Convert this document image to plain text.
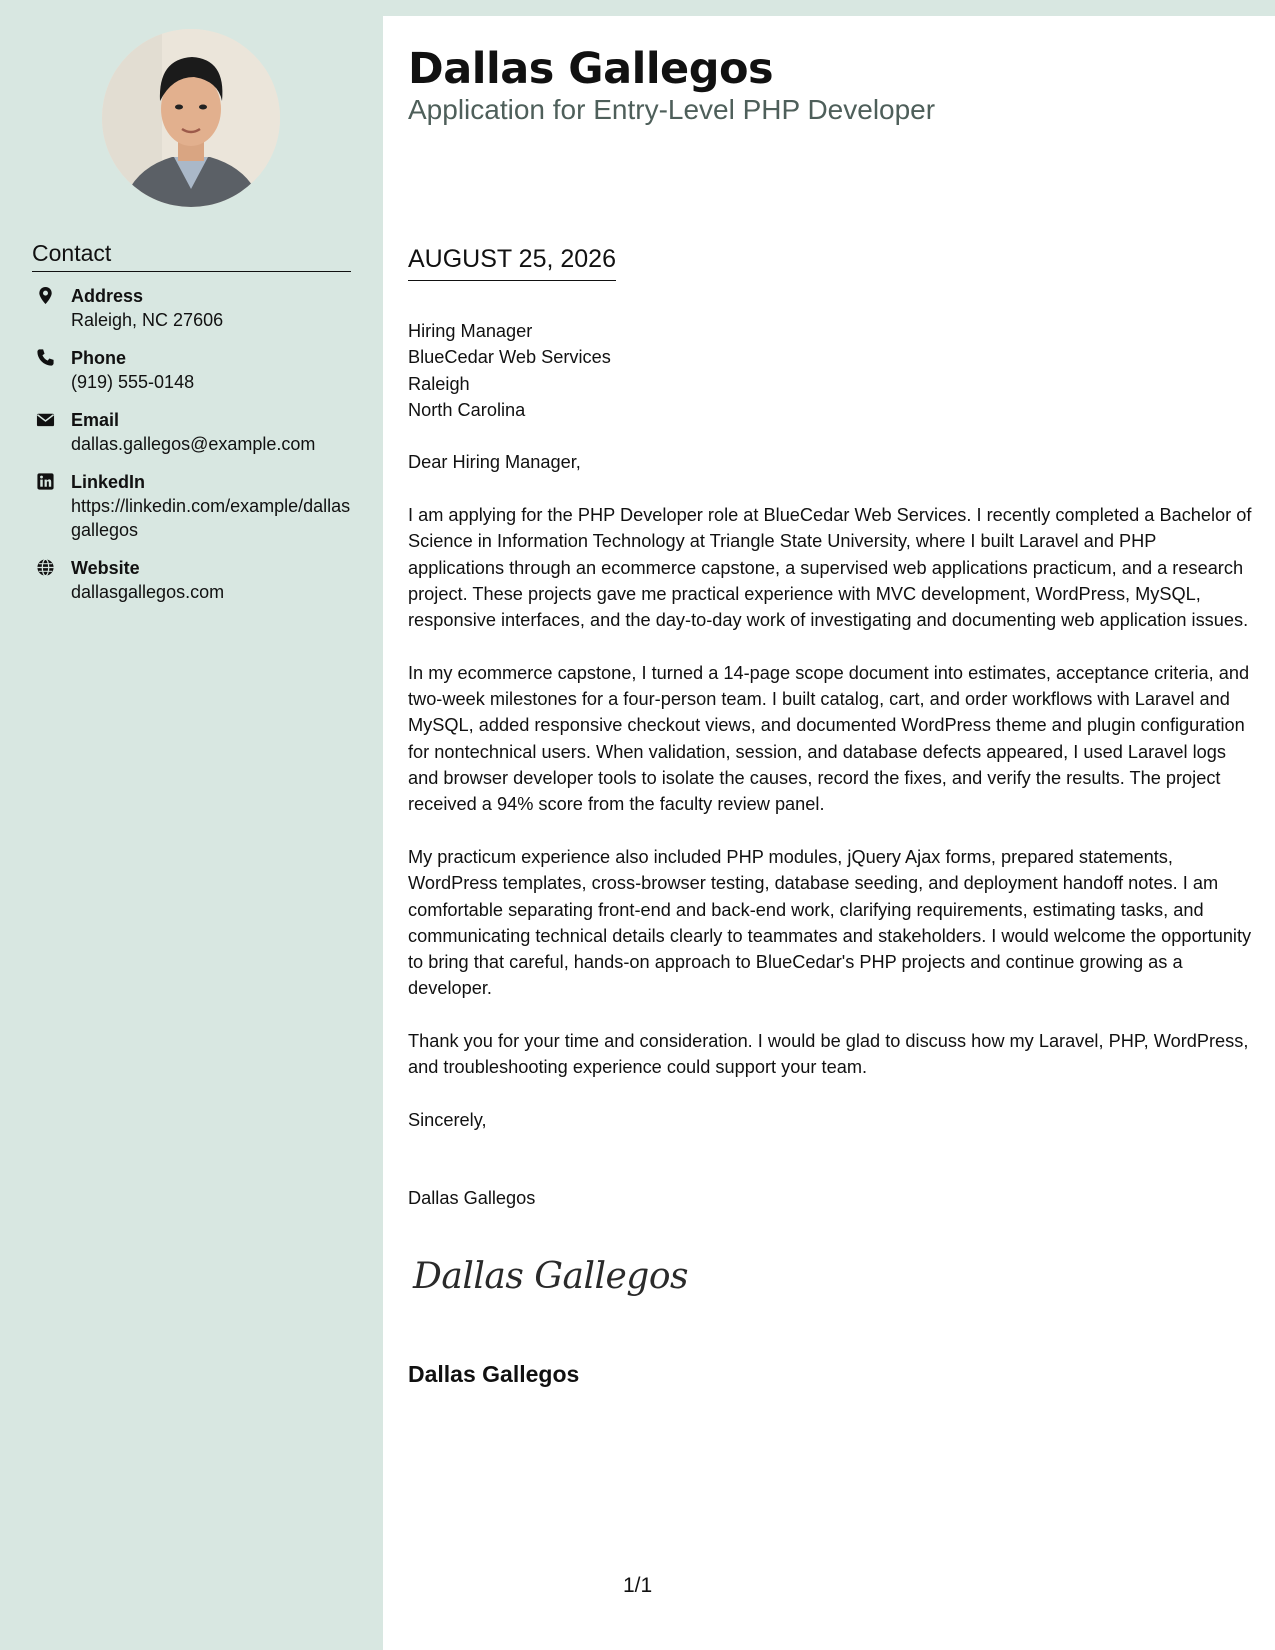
Contact
Address
Raleigh, NC 27606
Phone
(919) 555-0148
Email
dallas.gallegos@example.com
LinkedIn
https://linkedin.com/example/dallasgallegos
Website
dallasgallegos.com
Dallas Gallegos
Application for Entry-Level PHP Developer
AUGUST 25, 2026
Hiring Manager
BlueCedar Web Services
Raleigh
North Carolina

Dear Hiring Manager,

I am applying for the PHP Developer role at BlueCedar Web Services. I recently completed a Bachelor of Science in Information Technology at Triangle State University, where I built Laravel and PHP applications through an ecommerce capstone, a supervised web applications practicum, and a research project. These projects gave me practical experience with MVC development, WordPress, MySQL, responsive interfaces, and the day-to-day work of investigating and documenting web application issues.

In my ecommerce capstone, I turned a 14-page scope document into estimates, acceptance criteria, and two-week milestones for a four-person team. I built catalog, cart, and order workflows with Laravel and MySQL, added responsive checkout views, and documented WordPress theme and plugin configuration for nontechnical users. When validation, session, and database defects appeared, I used Laravel logs and browser developer tools to isolate the causes, record the fixes, and verify the results. The project received a 94% score from the faculty review panel.

My practicum experience also included PHP modules, jQuery Ajax forms, prepared statements, WordPress templates, cross-browser testing, database seeding, and deployment handoff notes. I am comfortable separating front-end and back-end work, clarifying requirements, estimating tasks, and communicating technical details clearly to teammates and stakeholders. I would welcome the opportunity to bring that careful, hands-on approach to BlueCedar's PHP projects and continue growing as a developer.

Thank you for your time and consideration. I would be glad to discuss how my Laravel, PHP, WordPress, and troubleshooting experience could support your team.

Sincerely,
Dallas Gallegos
Dallas Gallegos
Dallas Gallegos
1/1
